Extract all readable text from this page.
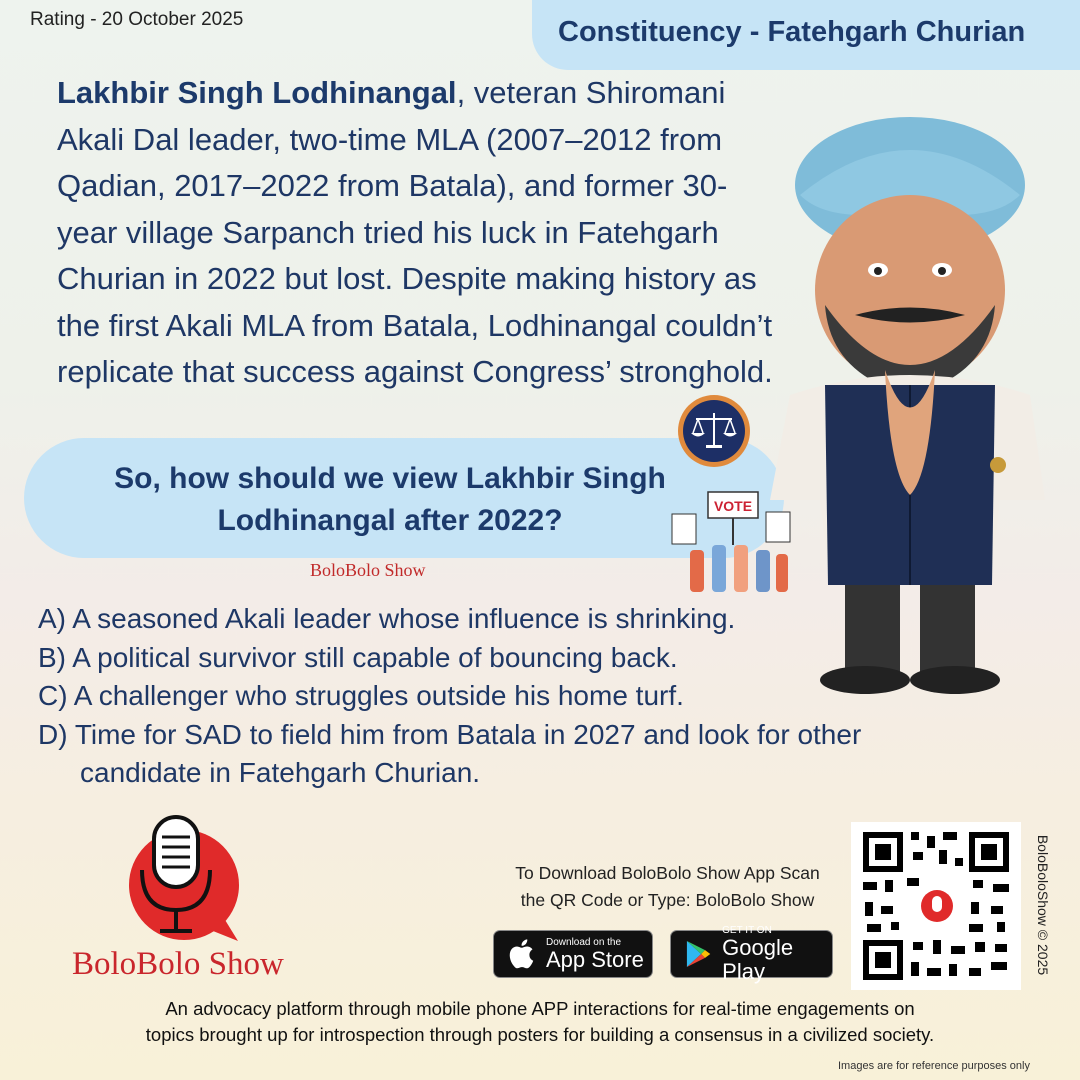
Rating - 20 October 2025	Constituency - Fatehgarh Churian
Lakhbir Singh Lodhinangal, veteran Shiromani Akali Dal leader, two-time MLA (2007–2012 from Qadian, 2017–2022 from Batala), and former 30-year village Sarpanch tried his luck in Fatehgarh Churian in 2022 but lost. Despite making history as the first Akali MLA from Batala, Lodhinangal couldn’t replicate that success against Congress’ stronghold.
So, how should we view Lakhbir Singh
Lodhinangal after 2022?
BoloBolo Show
A) A seasoned Akali leader whose influence is shrinking.
B) A political survivor still capable of bouncing back.
C) A challenger who struggles outside his home turf.
D) Time for SAD to field him from Batala in 2027 and look for other
candidate in Fatehgarh Churian.
VOTE
BoloBolo Show
To Download BoloBolo Show App Scan
the QR Code or Type: BoloBolo Show
Download on the
App Store
GET IT ON
Google Play	BoloBoloShow © 2025
An advocacy platform through mobile phone APP interactions for real-time engagements on
topics brought up for introspection through posters for building a consensus in a civilized society.
Images are for reference purposes only
